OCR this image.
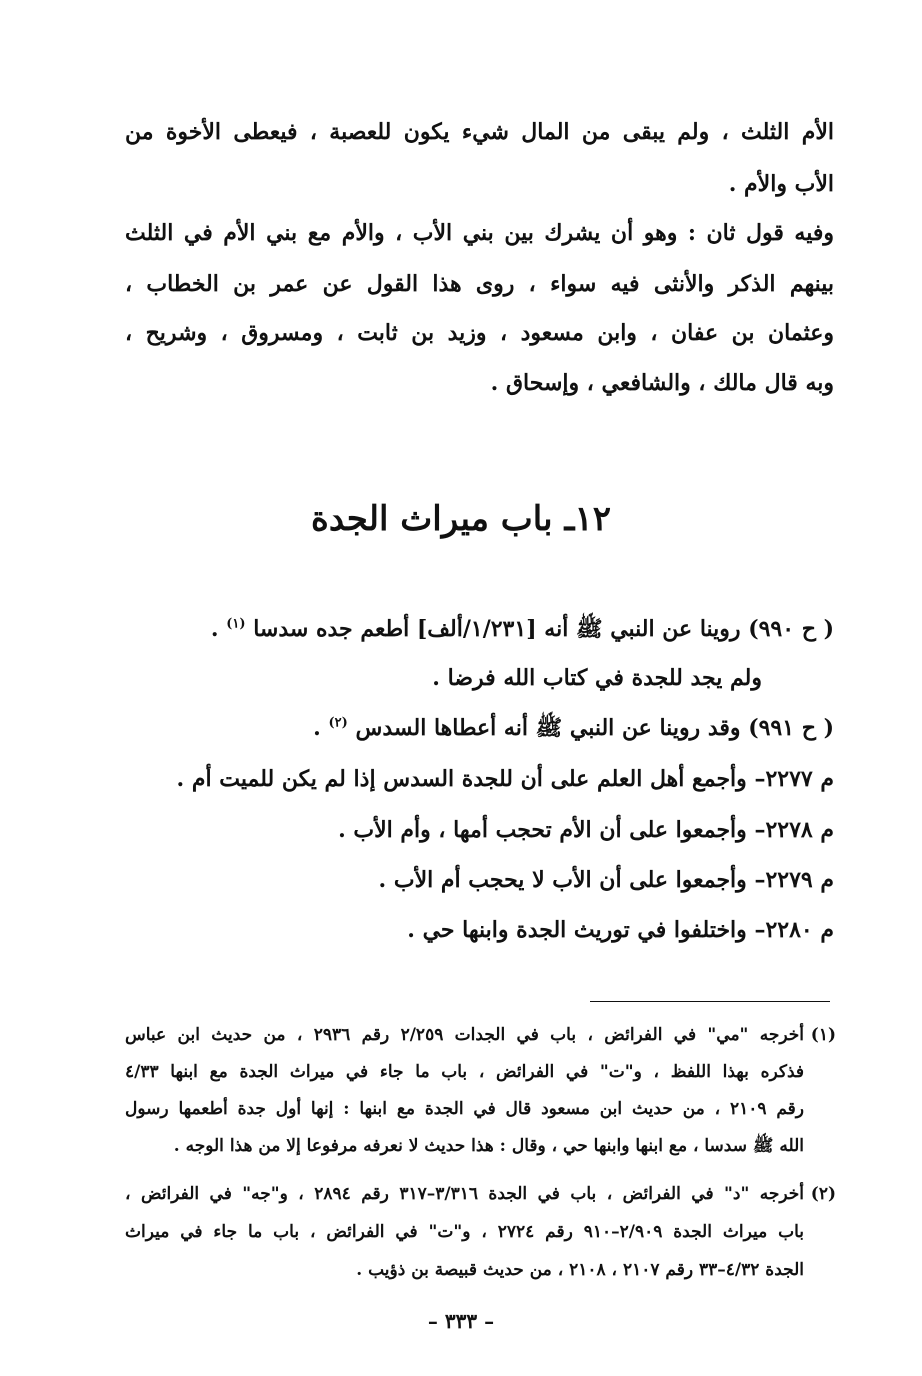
الأم الثلث ، ولم يبقى من المال شيء يكون للعصبة ، فيعطى الأخوة من
الأب والأم .
وفيه قول ثان : وهو أن يشرك بين بني الأب ، والأم مع بني الأم في الثلث
بينهم الذكر والأنثى فيه سواء ، روى هذا القول عن عمر بن الخطاب ،
وعثمان بن عفان ، وابن مسعود ، وزيد بن ثابت ، ومسروق ، وشريح ،
وبه قال مالك ، والشافعي ، وإسحاق .
١٢ـ باب ميراث الجدة
( ح ٩٩٠) روينا عن النبي ﷺ أنه [١/٢٣١/ألف] أطعم جده سدسا $^{(١)}$ .
ولم يجد للجدة في كتاب الله فرضا .
( ح ٩٩١) وقد روينا عن النبي ﷺ أنه أعطاها السدس $^{(٢)}$ .
م ٢٢٧٧– وأجمع أهل العلم على أن للجدة السدس إذا لم يكن للميت أم .
م ٢٢٧٨– وأجمعوا على أن الأم تحجب أمها ، وأم الأب .
م ٢٢٧٩– وأجمعوا على أن الأب لا يحجب أم الأب .
م ٢٢٨٠– واختلفوا في توريث الجدة وابنها حي .
(١)
أخرجه "مي" في الفرائض ، باب في الجدات ٢/٢٥٩ رقم ٢٩٣٦ ، من حديث ابن عباس
فذكره بهذا اللفظ ، و"ت" في الفرائض ، باب ما جاء في ميراث الجدة مع ابنها ٤/٣٣
رقم ٢١٠٩ ، من حديث ابن مسعود قال في الجدة مع ابنها : إنها أول جدة أطعمها رسول
الله ﷺ سدسا ، مع ابنها وابنها حي ، وقال : هذا حديث لا نعرفه مرفوعا إلا من هذا الوجه .
(٢)
أخرجه "د" في الفرائض ، باب في الجدة ٣/٣١٦–٣١٧ رقم ٢٨٩٤ ، و"جه" في الفرائض ،
باب ميراث الجدة ٢/٩٠٩–٩١٠ رقم ٢٧٢٤ ، و"ت" في الفرائض ، باب ما جاء في ميراث
الجدة ٤/٣٢–٣٣ رقم ٢١٠٧ ، ٢١٠٨ ، من حديث قبيصة بن ذؤيب .
– ٣٣٣ –
